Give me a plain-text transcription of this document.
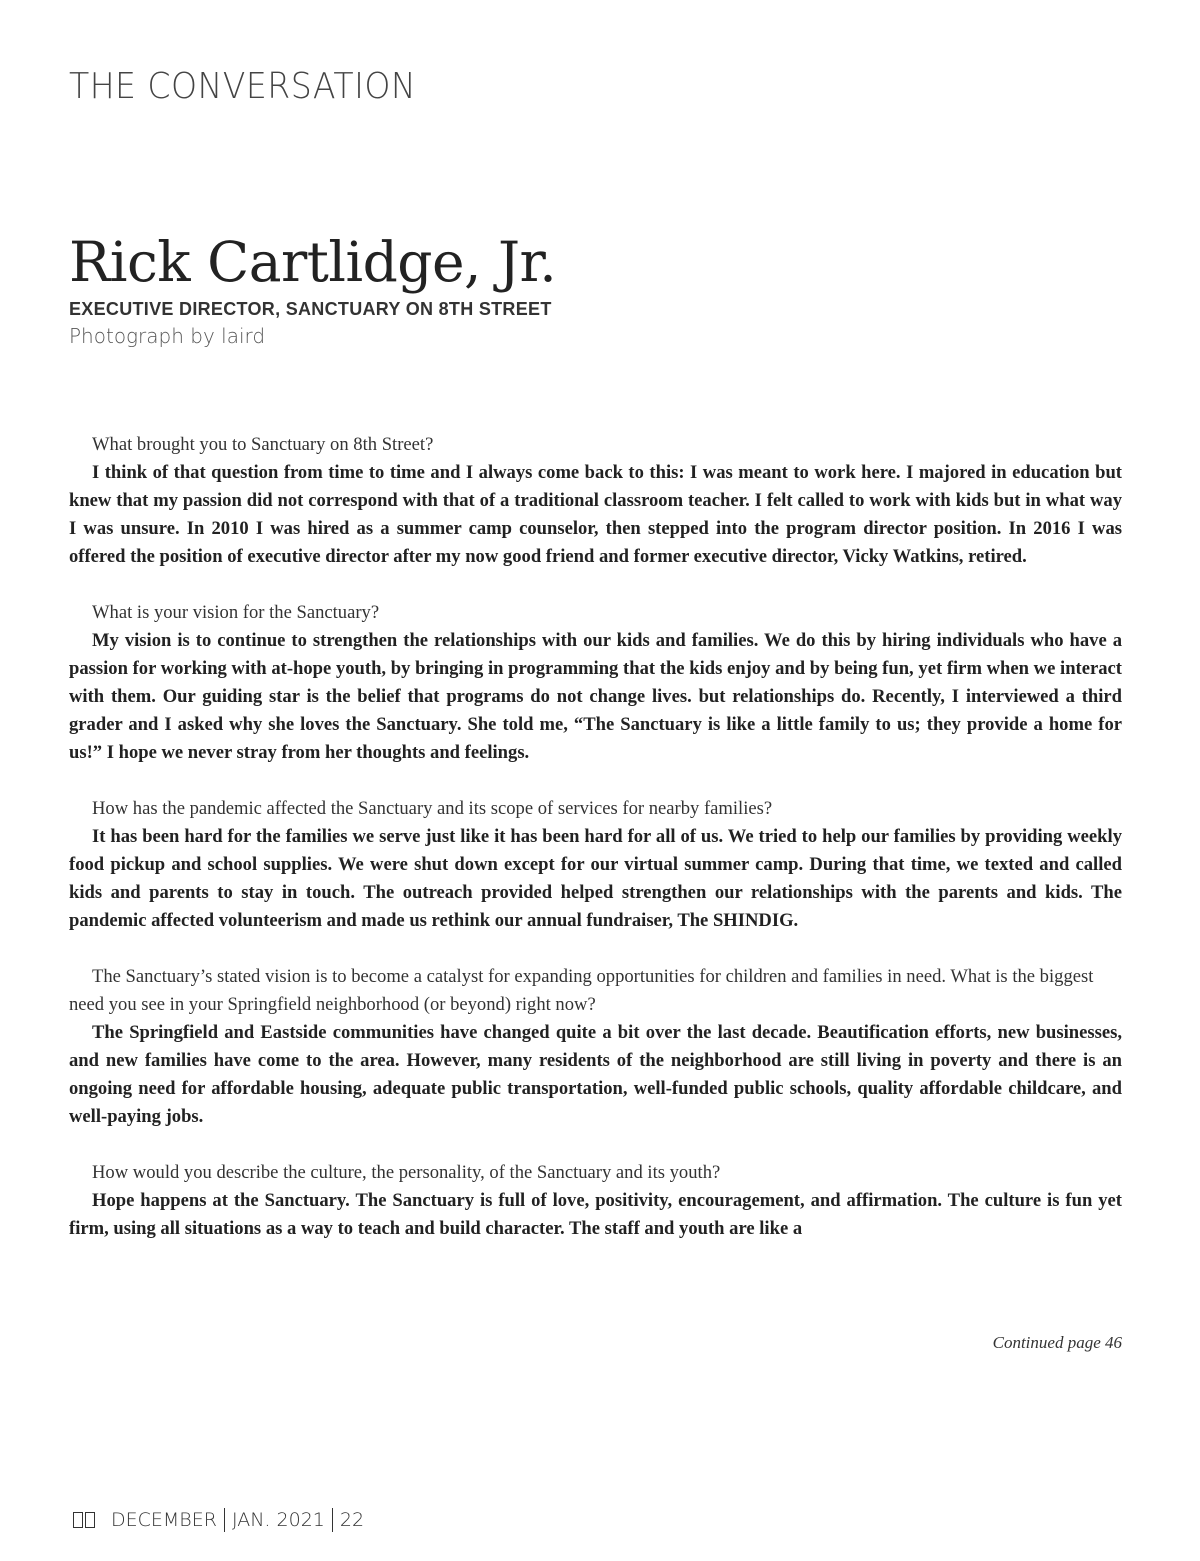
THE CONVERSATION
Rick Cartlidge, Jr.

EXECUTIVE DIRECTOR, SANCTUARY ON 8TH STREET

Photograph by laird

What brought you to Sanctuary on 8th Street?

I think of that question from time to time and I always come back to this: I was meant to work here. I majored in education but knew that my passion did not correspond with that of a traditional classroom teacher. I felt called to work with kids but in what way I was unsure. In 2010 I was hired as a summer camp counselor, then stepped into the program director position. In 2016 I was offered the position of executive director after my now good friend and former executive director, Vicky Watkins, retired.

What is your vision for the Sanctuary?

My vision is to continue to strengthen the relationships with our kids and families. We do this by hiring individuals who have a passion for working with at-hope youth, by bringing in programming that the kids enjoy and by being fun, yet firm when we interact with them. Our guiding star is the belief that programs do not change lives. but relationships do. Recently, I interviewed a third grader and I asked why she loves the Sanctuary. She told me, “The Sanctuary is like a little family to us; they provide a home for us!” I hope we never stray from her thoughts and feelings.

How has the pandemic affected the Sanctuary and its scope of services for nearby families?

It has been hard for the families we serve just like it has been hard for all of us. We tried to help our families by providing weekly food pickup and school supplies. We were shut down except for our virtual summer camp. During that time, we texted and called kids and parents to stay in touch. The outreach provided helped strengthen our relationships with the parents and kids. The pandemic affected volunteerism and made us rethink our annual fundraiser, The SHINDIG.

The Sanctuary’s stated vision is to become a catalyst for expanding opportunities for children and families in need. What is the biggest need you see in your Springfield neighborhood (or beyond) right now?

The Springfield and Eastside communities have changed quite a bit over the last decade. Beautification efforts, new businesses, and new families have come to the area. However, many residents of the neighborhood are still living in poverty and there is an ongoing need for affordable housing, adequate public transportation, well-funded public schools, quality affordable childcare, and well-paying jobs.

How would you describe the culture, the personality, of the Sanctuary and its youth?

Hope happens at the Sanctuary. The Sanctuary is full of love, positivity, encouragement, and affirmation. The culture is fun yet firm, using all situations as a way to teach and build character. The staff and youth are like a

Continued page 46

DECEMBER JAN. 2021 22
